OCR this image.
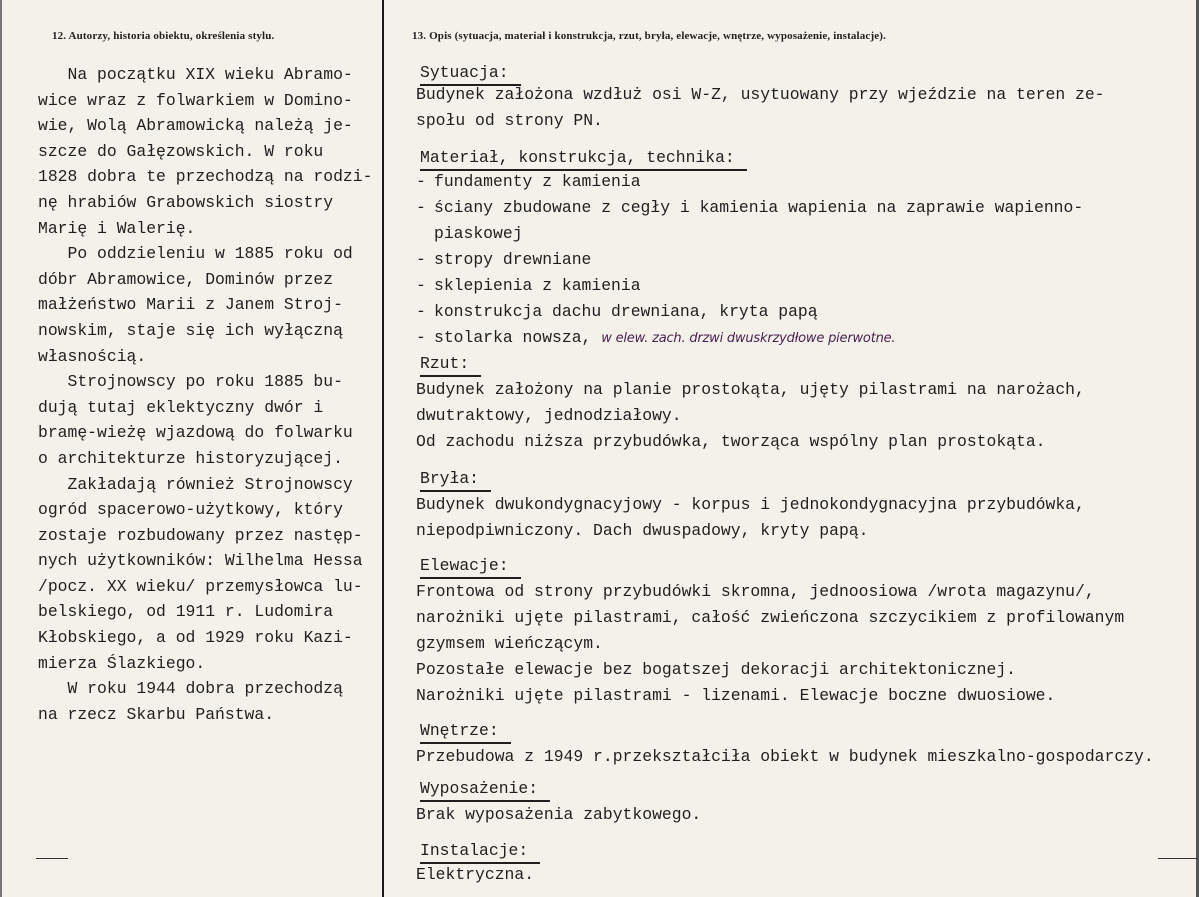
12. Autorzy, historia obiektu, określenia stylu.	13. Opis (sytuacja, materiał i konstrukcja, rzut, bryła, elewacje, wnętrze, wyposażenie, instalacje).
Na początku XIX wieku Abramo-
wice wraz z folwarkiem w Domino-
wie, Wolą Abramowicką należą je-
szcze do Gałęzowskich. W roku
1828 dobra te przechodzą na rodzi-
nę hrabiów Grabowskich siostry
Marię i Walerię.
Po oddzieleniu w 1885 roku od
dóbr Abramowice, Dominów przez
małżeństwo Marii z Janem Stroj-
nowskim, staje się ich wyłączną
własnością.
Strojnowscy po roku 1885 bu-
dują tutaj eklektyczny dwór i
bramę-wieżę wjazdową do folwarku
o architekturze historyzującej.
Zakładają również Strojnowscy
ogród spacerowo-użytkowy, który
zostaje rozbudowany przez następ-
nych użytkowników: Wilhelma Hessa
/pocz. XX wieku/ przemysłowca lu-
belskiego, od 1911 r. Ludomira
Kłobskiego, a od 1929 roku Kazi-
mierza Ślazkiego.
W roku 1944 dobra przechodzą
na rzecz Skarbu Państwa.
Sytuacja:
Budynek założona wzdłuż osi W-Z, usytuowany przy wjeździe na teren ze-
społu od strony PN.
Materiał, konstrukcja, technika:
- fundamenty z kamienia
- ściany zbudowane z cegły i kamienia wapienia na zaprawie wapienno-
piaskowej
- stropy drewniane
- sklepienia z kamienia
- konstrukcja dachu drewniana, kryta papą
- stolarka nowsza, w elew. zach. drzwi dwuskrzydłowe pierwotne.
Rzut:
Budynek założony na planie prostokąta, ujęty pilastrami na narożach,
dwutraktowy, jednodziałowy.
Od zachodu niższa przybudówka, tworząca wspólny plan prostokąta.
Bryła:
Budynek dwukondygnacyjowy - korpus i jednokondygnacyjna przybudówka,
niepodpiwniczony. Dach dwuspadowy, kryty papą.
Elewacje:
Frontowa od strony przybudówki skromna, jednoosiowa /wrota magazynu/,
narożniki ujęte pilastrami, całość zwieńczona szczycikiem z profilowanym
gzymsem wieńczącym.
Pozostałe elewacje bez bogatszej dekoracji architektonicznej.
Narożniki ujęte pilastrami - lizenami. Elewacje boczne dwuosiowe.
Wnętrze:
Przebudowa z 1949 r.przekształciła obiekt w budynek mieszkalno-gospodarczy.
Wyposażenie:
Brak wyposażenia zabytkowego.
Instalacje:
Elektryczna.
